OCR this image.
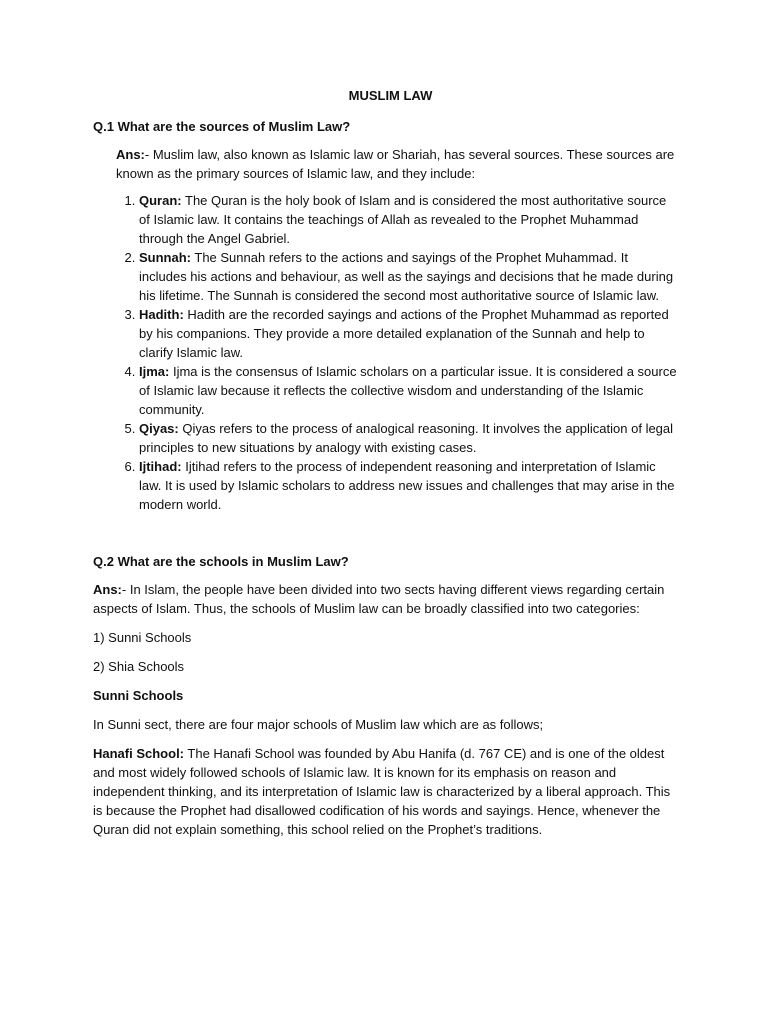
MUSLIM LAW
Q.1 What are the sources of Muslim Law?

Ans:- Muslim law, also known as Islamic law or Shariah, has several sources. These sources are known as the primary sources of Islamic law, and they include:

1. Quran: The Quran is the holy book of Islam and is considered the most authoritative source of Islamic law. It contains the teachings of Allah as revealed to the Prophet Muhammad through the Angel Gabriel.
2. Sunnah: The Sunnah refers to the actions and sayings of the Prophet Muhammad. It includes his actions and behaviour, as well as the sayings and decisions that he made during his lifetime. The Sunnah is considered the second most authoritative source of Islamic law.
3. Hadith: Hadith are the recorded sayings and actions of the Prophet Muhammad as reported by his companions. They provide a more detailed explanation of the Sunnah and help to clarify Islamic law.
4. Ijma: Ijma is the consensus of Islamic scholars on a particular issue. It is considered a source of Islamic law because it reflects the collective wisdom and understanding of the Islamic community.
5. Qiyas: Qiyas refers to the process of analogical reasoning. It involves the application of legal principles to new situations by analogy with existing cases.
6. Ijtihad: Ijtihad refers to the process of independent reasoning and interpretation of Islamic law. It is used by Islamic scholars to address new issues and challenges that may arise in the modern world.
Q.2 What are the schools in Muslim Law?

Ans:- In Islam, the people have been divided into two sects having different views regarding certain aspects of Islam. Thus, the schools of Muslim law can be broadly classified into two categories:

1) Sunni Schools

2) Shia Schools

Sunni Schools

In Sunni sect, there are four major schools of Muslim law which are as follows;

Hanafi School: The Hanafi School was founded by Abu Hanifa (d. 767 CE) and is one of the oldest and most widely followed schools of Islamic law. It is known for its emphasis on reason and independent thinking, and its interpretation of Islamic law is characterized by a liberal approach. This is because the Prophet had disallowed codification of his words and sayings. Hence, whenever the Quran did not explain something, this school relied on the Prophet’s traditions.
